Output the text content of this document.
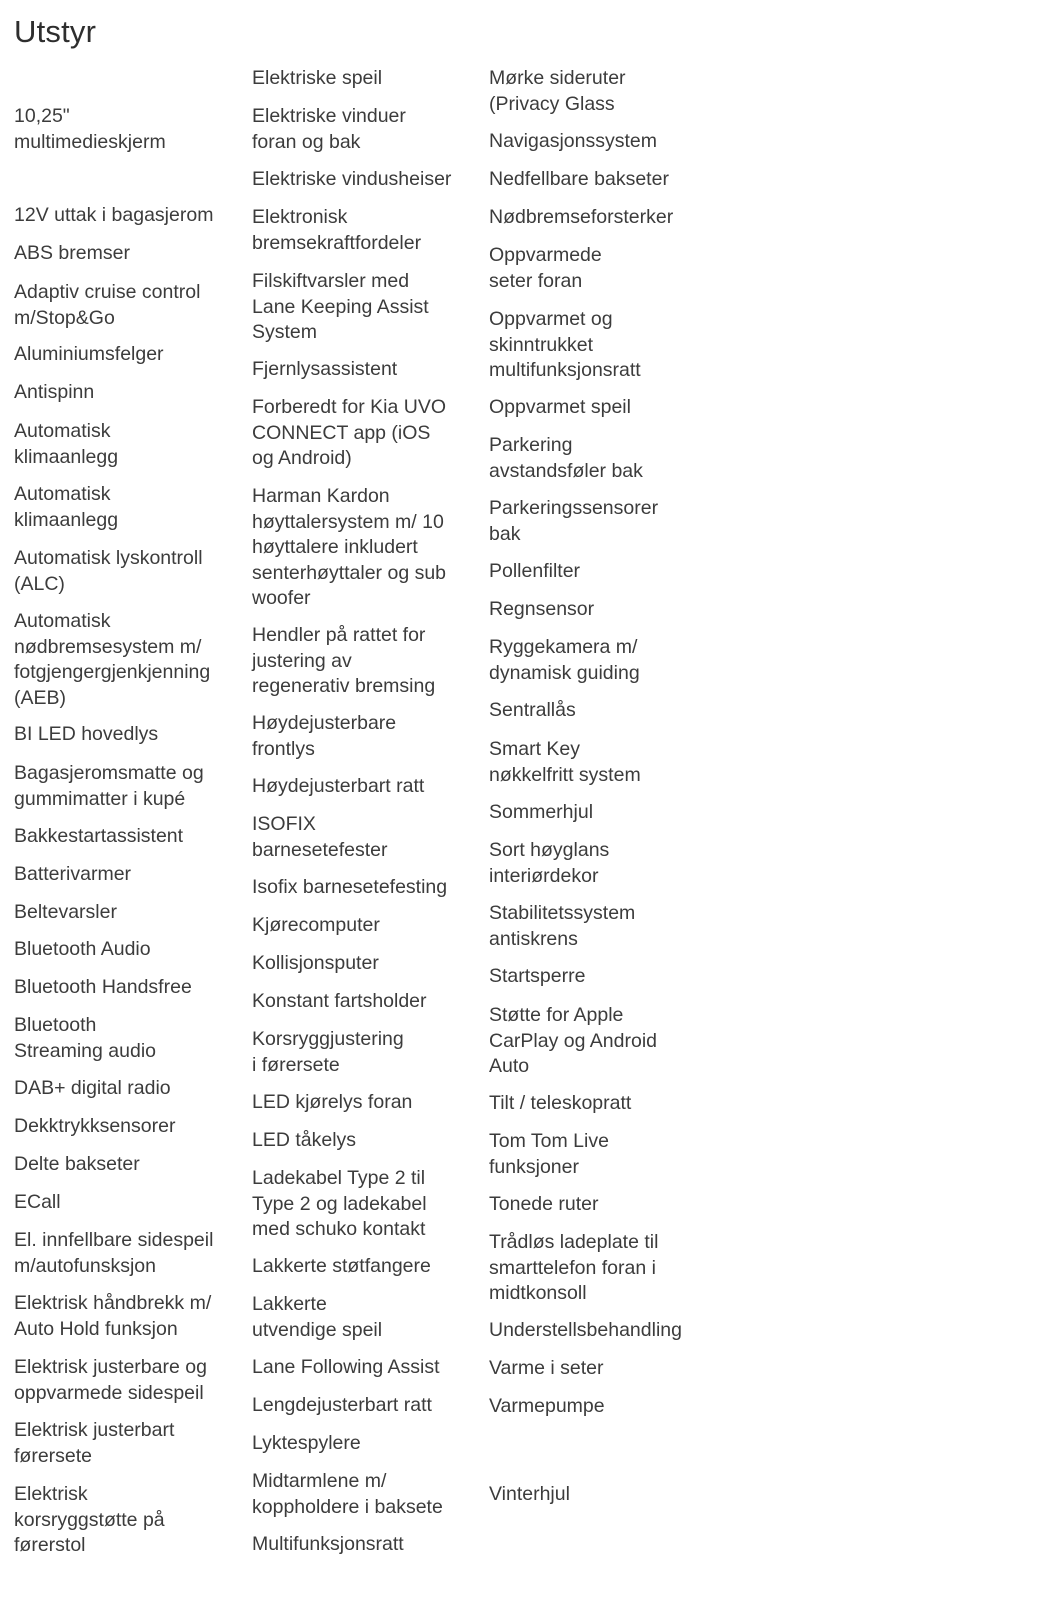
Utstyr

10,25"
multimedieskjerm

12V uttak i bagasjerom

ABS bremser

Adaptiv cruise control
m/Stop&Go

Aluminiumsfelger

Antispinn

Automatisk
klimaanlegg

Automatisk
klimaanlegg

Automatisk lyskontroll
(ALC)

Automatisk
nødbremsesystem m/
fotgjengergjenkjenning
(AEB)

BI LED hovedlys

Bagasjeromsmatte og
gummimatter i kupé

Bakkestartassistent

Batterivarmer

Beltevarsler

Bluetooth Audio

Bluetooth Handsfree

Bluetooth
Streaming audio

DAB+ digital radio

Dekktrykksensorer

Delte bakseter

ECall

El. innfellbare sidespeil
m/autofunsksjon

Elektrisk håndbrekk m/
Auto Hold funksjon

Elektrisk justerbare og
oppvarmede sidespeil

Elektrisk justerbart
førersete

Elektrisk
korsryggstøtte på
førerstol

Elektriske speil

Elektriske vinduer
foran og bak

Elektriske vindusheiser

Elektronisk
bremsekraftfordeler

Filskiftvarsler med
Lane Keeping Assist
System

Fjernlysassistent

Forberedt for Kia UVO
CONNECT app (iOS
og Android)

Harman Kardon
høyttalersystem m/ 10
høyttalere inkludert
senterhøyttaler og sub
woofer

Hendler på rattet for
justering av
regenerativ bremsing

Høydejusterbare
frontlys

Høydejusterbart ratt

ISOFIX
barnesetefester

Isofix barnesetefesting

Kjørecomputer

Kollisjonsputer

Konstant fartsholder

Korsryggjustering
i førersete

LED kjørelys foran

LED tåkelys

Ladekabel Type 2 til
Type 2 og ladekabel
med schuko kontakt

Lakkerte støtfangere

Lakkerte
utvendige speil

Lane Following Assist

Lengdejusterbart ratt

Lyktespylere

Midtarmlene m/
koppholdere i baksete

Multifunksjonsratt

Mørke sideruter
(Privacy Glass

Navigasjonssystem

Nedfellbare bakseter

Nødbremseforsterker

Oppvarmede
seter foran

Oppvarmet og
skinntrukket
multifunksjonsratt

Oppvarmet speil

Parkering
avstandsføler bak

Parkeringssensorer
bak

Pollenfilter

Regnsensor

Ryggekamera m/
dynamisk guiding

Sentrallås

Smart Key
nøkkelfritt system

Sommerhjul

Sort høyglans
interiørdekor

Stabilitetssystem
antiskrens

Startsperre

Støtte for Apple
CarPlay og Android
Auto

Tilt / teleskopratt

Tom Tom Live
funksjoner

Tonede ruter

Trådløs ladeplate til
smarttelefon foran i
midtkonsoll

Understellsbehandling

Varme i seter

Varmepumpe

Vinterhjul
